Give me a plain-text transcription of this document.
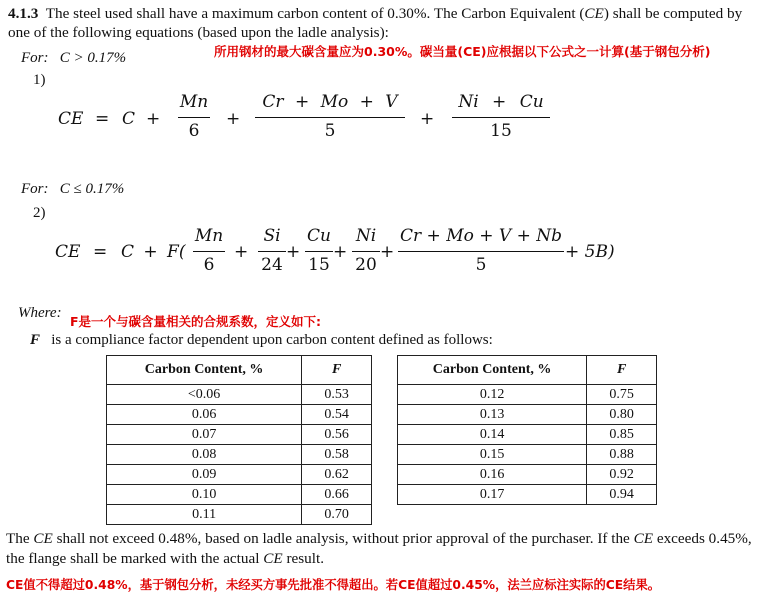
4.1.3 The steel used shall have a maximum carbon content of 0.30%. The Carbon Equivalent (CE) shall be computed by one of the following equations (based upon the ladle analysis):
所用钢材的最大碳含量应为0.30%。碳当量(CE)应根据以下公式之一计算(基于钢包分析)
For: C > 0.17%
1)
CE = C +
Mn
6
+
Cr + Mo + V
5
+
Ni + Cu
15
For: C ≤ 0.17%
2)
CE = C + F(
Mn
6
+
Si
24
+
Cu
15
+
Ni
20
+
Cr + Mo + V + Nb
5
+ 5B)
Where:
F是一个与碳含量相关的合规系数，定义如下:
F is a compliance factor dependent upon carbon content defined as follows:
Carbon Content, %	F
<0.06	0.53
0.06	0.54
0.07	0.56
0.08	0.58
0.09	0.62
0.10	0.66
0.11	0.70
Carbon Content, %	F
0.12	0.75
0.13	0.80
0.14	0.85
0.15	0.88
0.16	0.92
0.17	0.94
The CE shall not exceed 0.48%, based on ladle analysis, without prior approval of the purchaser. If the CE exceeds 0.45%, the flange shall be marked with the actual CE result.
CE值不得超过0.48%，基于钢包分析，未经买方事先批准不得超出。若CE值超过0.45%，法兰应标注实际的CE结果。
